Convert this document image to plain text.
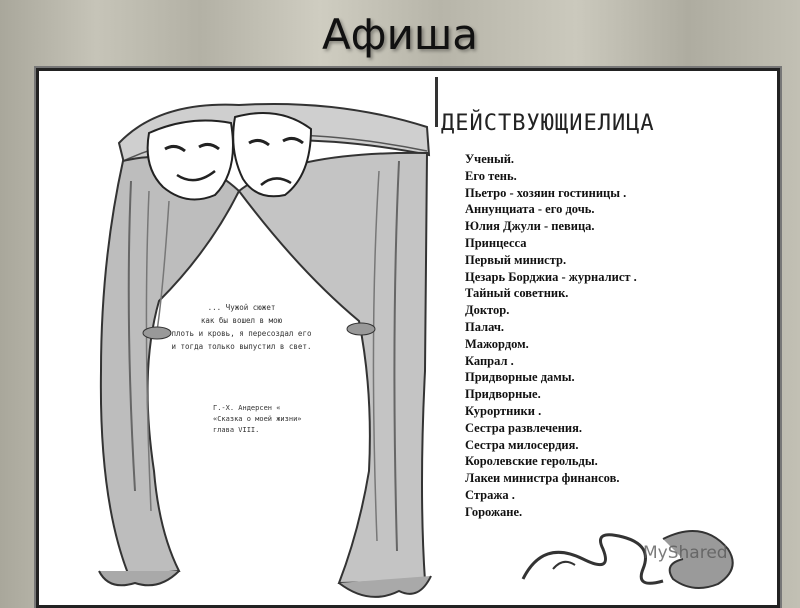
Афиша
... Чужой сюжет
как бы вошел в мою
плоть и кровь, я пересоздал его
и тогда только выпустил в свет.
Г.-Х. Андерсен «
«Сказка о моей жизни»
глава VIII.
ДЕЙСТВУЮЩИЕЛИЦА
Ученый.
Его тень.
Пьетро - хозяин гостиницы .
Аннунциата - его дочь.
Юлия Джули - певица.
Принцесса
Первый министр.
Цезарь Борджиа - журналист .
Тайный советник.
Доктор.
Палач.
Мажордом.
Капрал .
Придворные дамы.
Придворные.
Курортники .
Сестра развлечения.
Сестра милосердия.
Королевские герольды.
Лакеи министра финансов.
Стража .
Горожане.
MyShared
